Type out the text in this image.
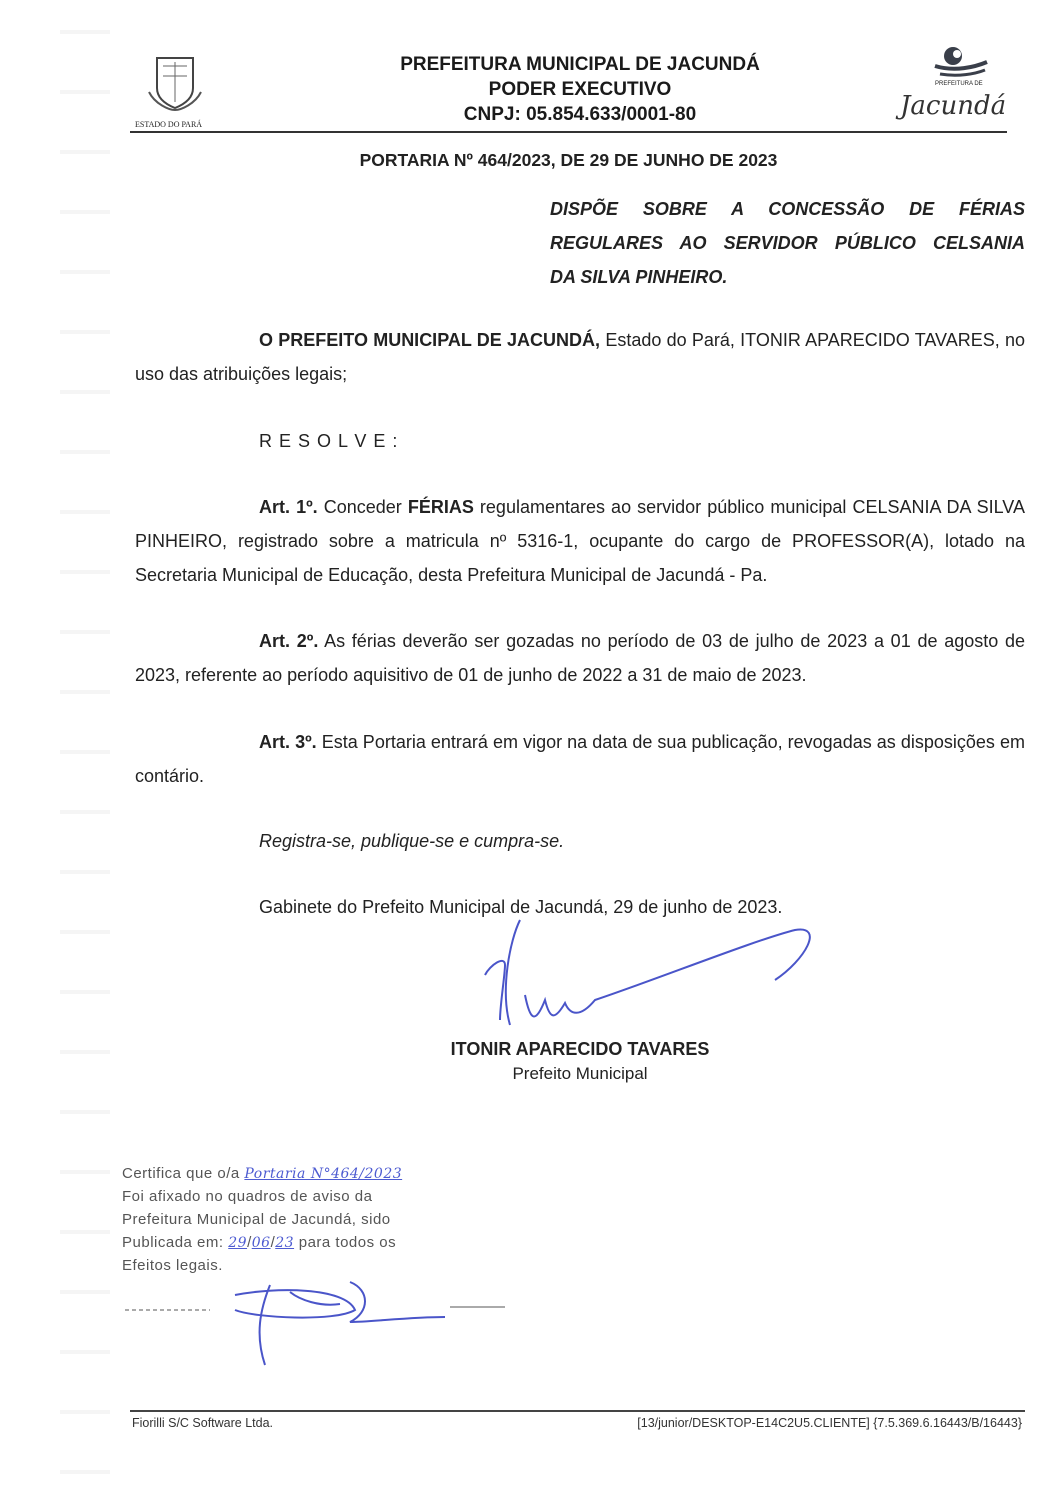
ESTADO DO PARÁ
PREFEITURA MUNICIPAL DE JACUNDÁ
PODER EXECUTIVO
CNPJ: 05.854.633/0001-80
PREFEITURA DE
Jacundá
PORTARIA Nº 464/2023, DE 29 DE JUNHO DE 2023
DISPÕE SOBRE A CONCESSÃO DE FÉRIAS
REGULARES AO SERVIDOR PÚBLICO CELSANIA
DA SILVA PINHEIRO.
O PREFEITO MUNICIPAL DE JACUNDÁ, Estado do Pará, ITONIR APARECIDO TAVARES, no uso das atribuições legais;
R E S O L V E :
Art. 1º. Conceder FÉRIAS regulamentares ao servidor público municipal CELSANIA DA SILVA PINHEIRO, registrado sobre a matricula nº 5316-1, ocupante do cargo de PROFESSOR(A), lotado na Secretaria Municipal de Educação, desta Prefeitura Municipal de Jacundá - Pa.
Art. 2º. As férias deverão ser gozadas no período de 03 de julho de 2023 a 01 de agosto de 2023, referente ao período aquisitivo de 01 de junho de 2022 a 31 de maio de 2023.
Art. 3º. Esta Portaria entrará em vigor na data de sua publicação, revogadas as disposições em contário.
Registra-se, publique-se e cumpra-se.
Gabinete do Prefeito Municipal de Jacundá, 29 de junho de 2023.
ITONIR APARECIDO TAVARES
Prefeito Municipal
Certifica que o/a Portaria N°464/2023
Foi afixado no quadros de aviso da
Prefeitura Municipal de Jacundá, sido
Publicada em: 29/06/23 para todos os
Efeitos legais.
Fiorilli S/C Software Ltda.	[13/junior/DESKTOP-E14C2U5.CLIENTE] {7.5.369.6.16443/B/16443}
